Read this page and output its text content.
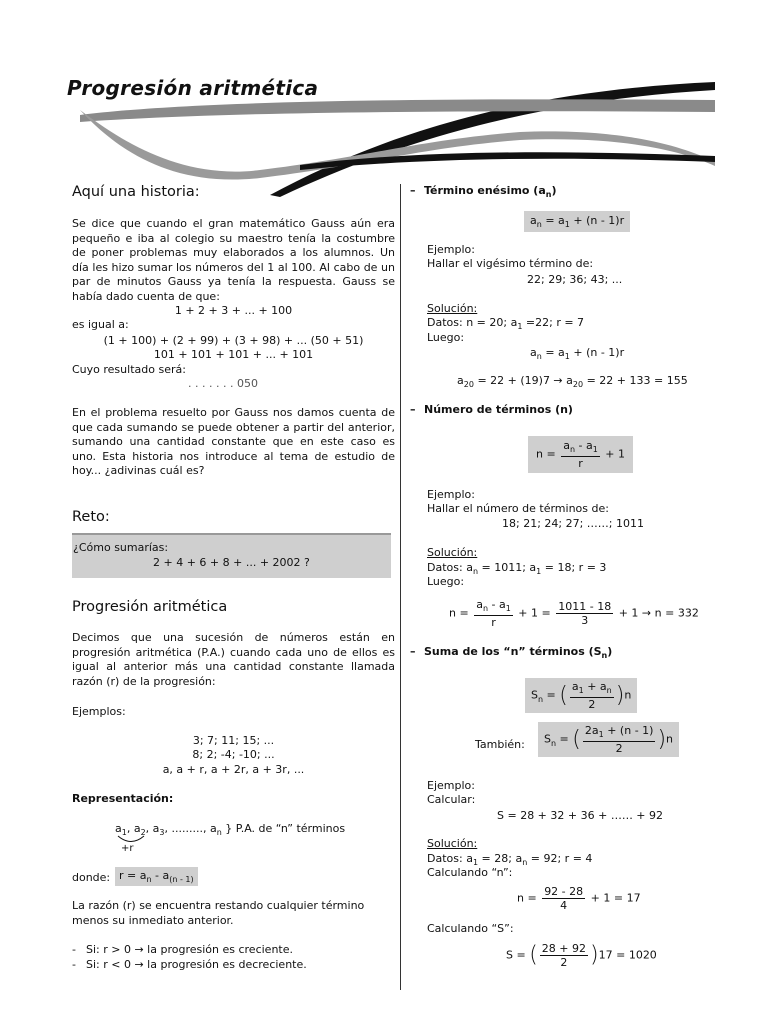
Progresión aritmética
Aquí una historia:
Se dice que cuando el gran matemático Gauss aún era pequeño e iba al colegio su maestro tenía la costumbre de poner problemas muy elaborados a los alumnos. Un día les hizo sumar los números del 1 al 100. Al cabo de un par de minutos Gauss ya tenía la respuesta. Gauss se había dado cuenta de que:
1 + 2 + 3 + ... + 100
es igual a:
(1 + 100) + (2 + 99) + (3 + 98) + ... (50 + 51)
101 + 101 + 101 + ... + 101
Cuyo resultado será:
. . . . . . . 050
En el problema resuelto por Gauss nos damos cuenta de que cada sumando se puede obtener a partir del anterior, sumando una cantidad constante que en este caso es uno. Esta historia nos introduce al tema de estudio de hoy... ¿adivinas cuál es?
Reto:
¿Cómo sumarías:
2 + 4 + 6 + 8 + ... + 2002 ?
Progresión aritmética
Decimos que una sucesión de números están en progresión aritmética (P.A.) cuando cada uno de ellos es igual al anterior más una cantidad constante llamada razón (r) de la progresión:
Ejemplos:
3; 7; 11; 15; ...
8; 2; -4; -10; ...
a, a + r, a + 2r, a + 3r, ...
Representación:
$a_1$, $a_2$, $a_3$, ........., $a_n$ } P.A. de “n” términos
+r
donde: $r = a_n - a_{(n - 1)}$
La razón (r) se encuentra restando cualquier término menos su inmediato anterior.
- Si: r > 0 → la progresión es creciente.
- Si: r < 0 → la progresión es decreciente.
– Término enésimo $(a_n)$
$a_n = a_1 + (n - 1)r$
Ejemplo:
Hallar el vigésimo término de:
22; 29; 36; 43; ...
Solución:
Datos: n = 20; $a_1 =22$; r = 7
Luego:
$a_n = a_1 + (n - 1)r$
$a_{20} = 22 + (19)7 \to a_{20} = 22 + 133 = 155$
– Número de términos (n)
$n = \frac{a_n - a_1}{r} + 1$
Ejemplo:
Hallar el número de términos de:
18; 21; 24; 27; ……; 1011
Solución:
Datos: $a_n = 1011$; $a_1 = 18$; r = 3
Luego:
$n = \frac{a_n - a_1}{r} + 1 = \frac{1011 - 18}{3} + 1 \to n = 332$
– Suma de los “n” términos $(S_n)$
$S_n$ = ( $\frac{a_1 + a_n}{2} )n$
También:	$S_n$ = ( $\frac{2a_1 + (n - 1)}{2} )n$
Ejemplo:
Calcular:
S = 28 + 32 + 36 + …… + 92
Solución:
Datos: $a_1 = 28$; $a_n = 92$; r = 4
Calculando “n”:
$n = \frac{92 - 28}{4} + 1 = 17$
Calculando “S”:
S = ( $\frac{28 + 92}{2} )17 = 1020$
